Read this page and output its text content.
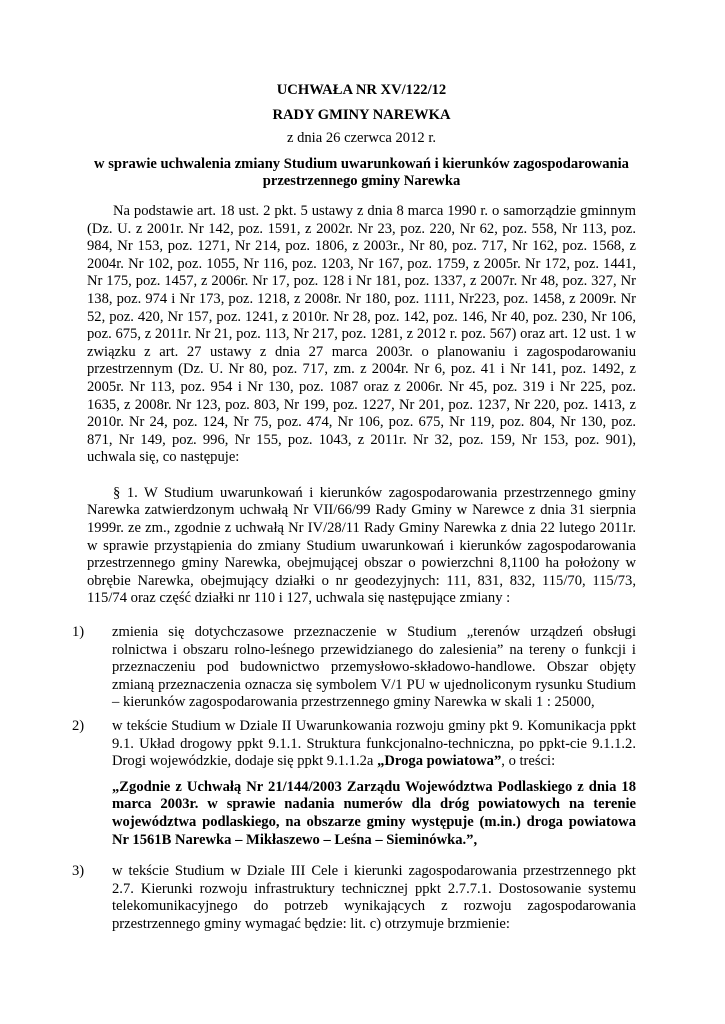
UCHWAŁA NR XV/122/12

RADY GMINY NAREWKA

z dnia 26 czerwca 2012 r.

w sprawie uchwalenia zmiany Studium uwarunkowań i kierunków zagospodarowania przestrzennego gminy Narewka

Na podstawie art. 18 ust. 2 pkt. 5 ustawy z dnia 8 marca 1990 r. o samorządzie gminnym (Dz. U. z 2001r. Nr 142, poz. 1591, z 2002r. Nr 23, poz. 220, Nr 62, poz. 558, Nr 113, poz. 984, Nr 153, poz. 1271, Nr 214, poz. 1806, z 2003r., Nr 80, poz. 717, Nr 162, poz. 1568, z 2004r. Nr 102, poz. 1055, Nr 116, poz. 1203, Nr 167, poz. 1759, z 2005r. Nr 172, poz. 1441, Nr 175, poz. 1457, z 2006r. Nr 17, poz. 128 i Nr 181, poz. 1337, z 2007r. Nr 48, poz. 327, Nr 138, poz. 974 i Nr 173, poz. 1218, z 2008r. Nr 180, poz. 1111, Nr223, poz. 1458, z 2009r. Nr 52, poz. 420, Nr 157, poz. 1241, z 2010r. Nr 28, poz. 142, poz. 146, Nr 40, poz. 230, Nr 106, poz. 675, z 2011r. Nr 21, poz. 113, Nr 217, poz. 1281, z 2012 r. poz. 567) oraz art. 12 ust. 1 w związku z art. 27 ustawy z dnia 27 marca 2003r. o planowaniu i zagospodarowaniu przestrzennym (Dz. U. Nr 80, poz. 717, zm. z 2004r. Nr 6, poz. 41 i Nr 141, poz. 1492, z 2005r. Nr 113, poz. 954 i Nr 130, poz. 1087 oraz z 2006r. Nr 45, poz. 319 i Nr 225, poz. 1635, z 2008r. Nr 123, poz. 803, Nr 199, poz. 1227, Nr 201, poz. 1237, Nr 220, poz. 1413, z 2010r. Nr 24, poz. 124, Nr 75, poz. 474, Nr 106, poz. 675, Nr 119, poz. 804, Nr 130, poz. 871, Nr 149, poz. 996, Nr 155, poz. 1043, z 2011r. Nr 32, poz. 159, Nr 153, poz. 901), uchwala się, co następuje:

§ 1. W Studium uwarunkowań i kierunków zagospodarowania przestrzennego gminy Narewka zatwierdzonym uchwałą Nr VII/66/99 Rady Gminy w Narewce z dnia 31 sierpnia 1999r. ze zm., zgodnie z uchwałą Nr IV/28/11 Rady Gminy Narewka z dnia 22 lutego 2011r. w sprawie przystąpienia do zmiany Studium uwarunkowań i kierunków zagospodarowania przestrzennego gminy Narewka, obejmującej obszar o powierzchni 8,1100 ha położony w obrębie Narewka, obejmujący działki o nr geodezyjnych: 111, 831, 832, 115/70, 115/73, 115/74 oraz część działki nr 110 i 127, uchwala się następujące zmiany :

1) zmienia się dotychczasowe przeznaczenie w Studium „terenów urządzeń obsługi rolnictwa i obszaru rolno-leśnego przewidzianego do zalesienia” na tereny o funkcji i przeznaczeniu pod budownictwo przemysłowo-składowo-handlowe. Obszar objęty zmianą przeznaczenia oznacza się symbolem V/1 PU w ujednoliconym rysunku Studium – kierunków zagospodarowania przestrzennego gminy Narewka w skali 1 : 25000,
2) w tekście Studium w Dziale II Uwarunkowania rozwoju gminy pkt 9. Komunikacja ppkt 9.1. Układ drogowy ppkt 9.1.1. Struktura funkcjonalno-techniczna, po ppkt-cie 9.1.1.2. Drogi wojewódzkie, dodaje się ppkt 9.1.1.2a „Droga powiatowa”, o treści:

„Zgodnie z Uchwałą Nr 21/144/2003 Zarządu Województwa Podlaskiego z dnia 18 marca 2003r. w sprawie nadania numerów dla dróg powiatowych na terenie województwa podlaskiego, na obszarze gminy występuje (m.in.) droga powiatowa Nr 1561B Narewka – Mikłaszewo – Leśna – Sieminówka.”,

3) w tekście Studium w Dziale III Cele i kierunki zagospodarowania przestrzennego pkt 2.7. Kierunki rozwoju infrastruktury technicznej ppkt 2.7.7.1. Dostosowanie systemu telekomunikacyjnego do potrzeb wynikających z rozwoju zagospodarowania przestrzennego gminy wymagać będzie: lit. c) otrzymuje brzmienie:
